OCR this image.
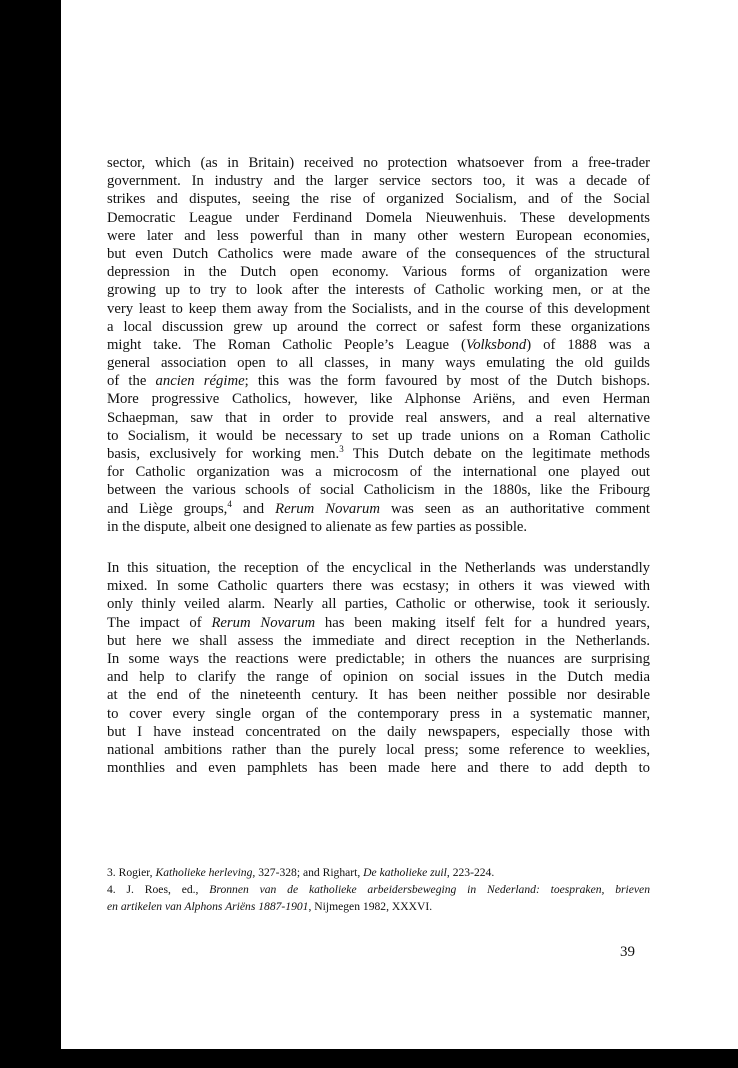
sector, which (as in Britain) received no protection whatsoever from a free-trader
government. In industry and the larger service sectors too, it was a decade of
strikes and disputes, seeing the rise of organized Socialism, and of the Social
Democratic League under Ferdinand Domela Nieuwenhuis. These developments
were later and less powerful than in many other western European economies,
but even Dutch Catholics were made aware of the consequences of the structural
depression in the Dutch open economy. Various forms of organization were
growing up to try to look after the interests of Catholic working men, or at the
very least to keep them away from the Socialists, and in the course of this development
a local discussion grew up around the correct or safest form these organizations
might take. The Roman Catholic People’s League (Volksbond) of 1888 was a
general association open to all classes, in many ways emulating the old guilds
of the ancien régime; this was the form favoured by most of the Dutch bishops.
More progressive Catholics, however, like Alphonse Ariëns, and even Herman
Schaepman, saw that in order to provide real answers, and a real alternative
to Socialism, it would be necessary to set up trade unions on a Roman Catholic
basis, exclusively for working men.$^3$ This Dutch debate on the legitimate methods
for Catholic organization was a microcosm of the international one played out
between the various schools of social Catholicism in the 1880s, like the Fribourg
and Liège groups,$^4$ and Rerum Novarum was seen as an authoritative comment
in the dispute, albeit one designed to alienate as few parties as possible.
In this situation, the reception of the encyclical in the Netherlands was understandly
mixed. In some Catholic quarters there was ecstasy; in others it was viewed with
only thinly veiled alarm. Nearly all parties, Catholic or otherwise, took it seriously.
The impact of Rerum Novarum has been making itself felt for a hundred years,
but here we shall assess the immediate and direct reception in the Netherlands.
In some ways the reactions were predictable; in others the nuances are surprising
and help to clarify the range of opinion on social issues in the Dutch media
at the end of the nineteenth century. It has been neither possible nor desirable
to cover every single organ of the contemporary press in a systematic manner,
but I have instead concentrated on the daily newspapers, especially those with
national ambitions rather than the purely local press; some reference to weeklies,
monthlies and even pamphlets has been made here and there to add depth to
3. Rogier, Katholieke herleving, 327-328; and Righart, De katholieke zuil, 223-224.
4. J. Roes, ed., Bronnen van de katholieke arbeidersbeweging in Nederland: toespraken, brieven
en artikelen van Alphons Ariëns 1887-1901, Nijmegen 1982, XXXVI.
39
